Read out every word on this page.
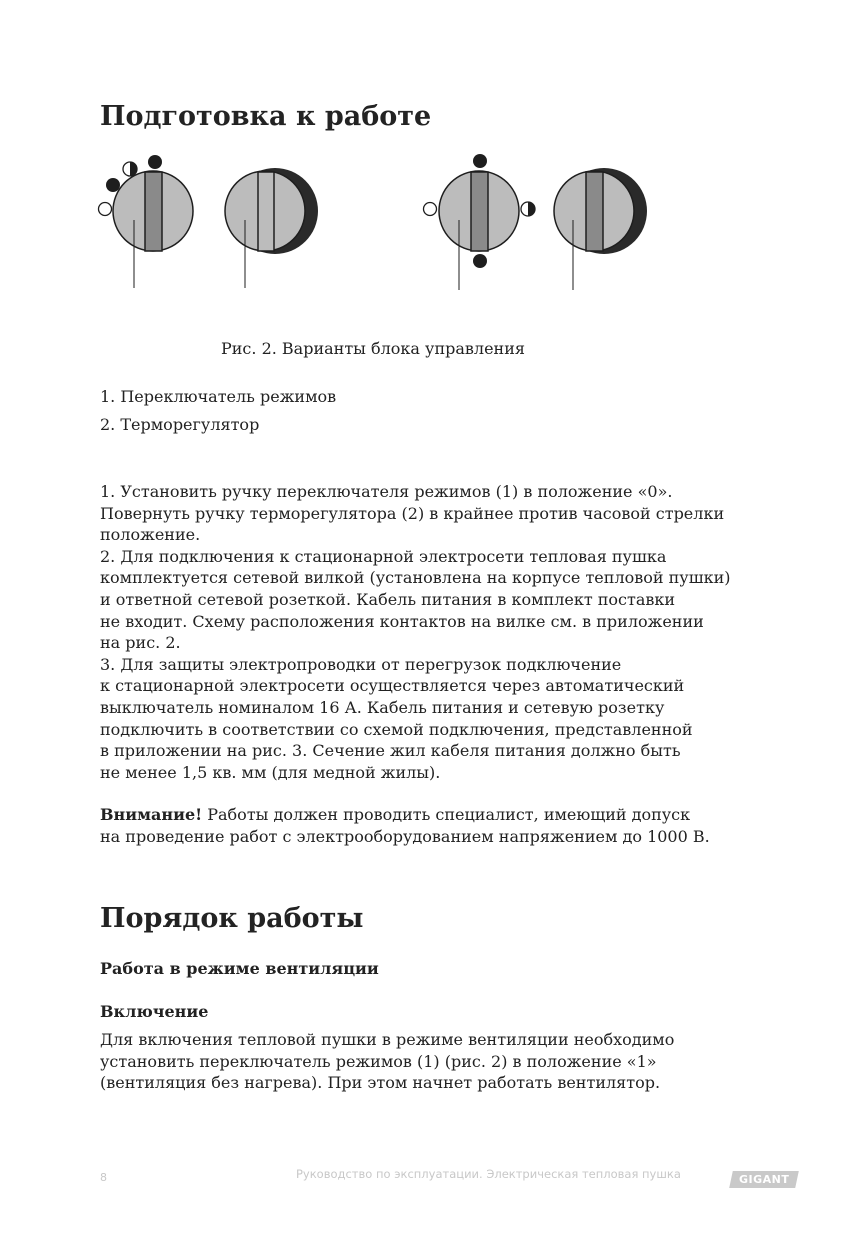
Подготовка к работе
Рис. 2. Варианты блока управления
1. Переключатель режимов
2. Терморегулятор
1. Установить ручку переключателя режимов (1) в положение «0».
Повернуть ручку терморегулятора (2) в крайнее против часовой стрелки
положение.
2. Для подключения к стационарной электросети тепловая пушка
комплектуется сетевой вилкой (установлена на корпусе тепловой пушки)
и ответной сетевой розеткой. Кабель питания в комплект поставки
не входит. Схему расположения контактов на вилке см. в приложении
на рис. 2.
3. Для защиты электропроводки от перегрузок подключение
к стационарной электросети осуществляется через автоматический
выключатель номиналом 16 А. Кабель питания и сетевую розетку
подключить в соответствии со схемой подключения, представленной
в приложении на рис. 3. Сечение жил кабеля питания должно быть
не менее 1,5 кв. мм (для медной жилы).
Внимание! Работы должен проводить специалист, имеющий допуск
на проведение работ с электрооборудованием напряжением до 1000 В.
Порядок работы
Работа в режиме вентиляции
Включение
Для включения тепловой пушки в режиме вентиляции необходимо
установить переключатель режимов (1) (рис. 2) в положение «1»
(вентиляция без нагрева). При этом начнет работать вентилятор.
8	Руководство по эксплуатации. Электрическая тепловая пушка	GIGANT
